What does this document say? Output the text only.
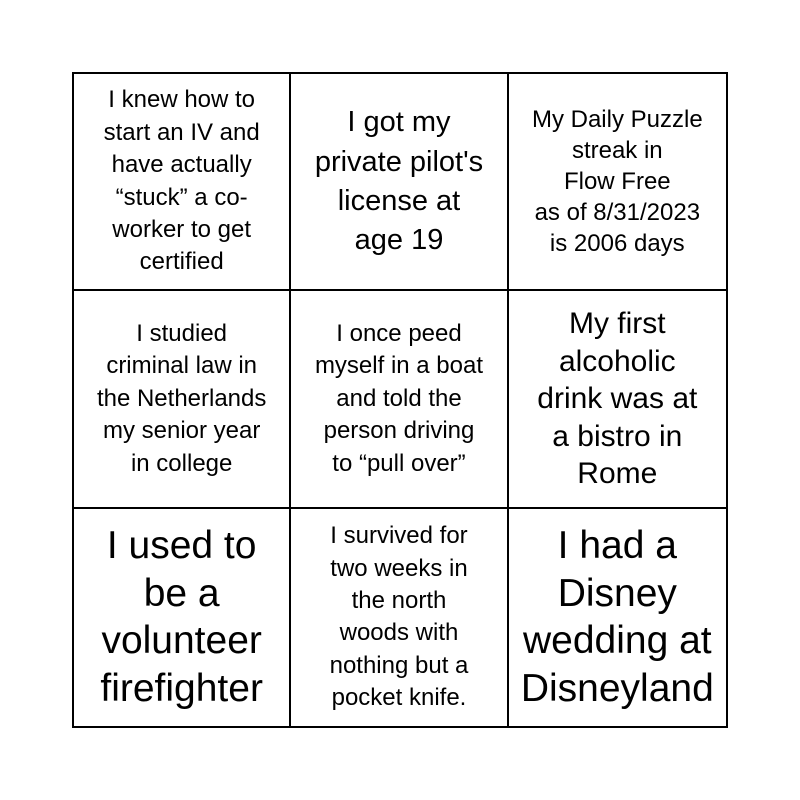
I knew how to
start an IV and
have actually
“stuck” a co-
worker to get
certified
I got my
private pilot's
license at
age 19
My Daily Puzzle
streak in
Flow Free
as of 8/31/2023
is 2006 days
I studied
criminal law in
the Netherlands
my senior year
in college
I once peed
myself in a boat
and told the
person driving
to “pull over”
My first
alcoholic
drink was at
a bistro in
Rome
I used to
be a
volunteer
firefighter
I survived for
two weeks in
the north
woods with
nothing but a
pocket knife.
I had a
Disney
wedding at
Disneyland
